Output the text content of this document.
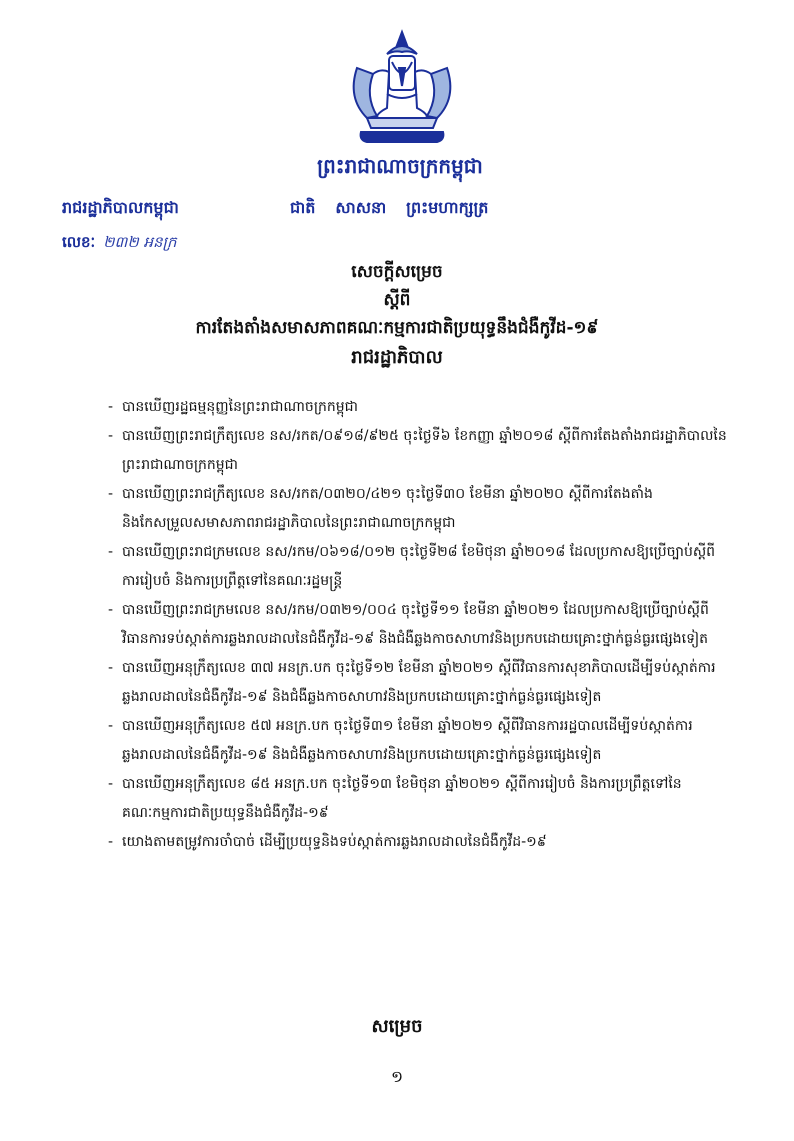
ព្រះរាជាណាចក្រកម្ពុជា
ជាតិ សាសនា ព្រះមហាក្សត្រ
រាជរដ្ឋាភិបាលកម្ពុជា
លេខៈ ២៣២ អនក្រ
សេចក្តីសម្រេច
ស្តីពី
ការតែងតាំងសមាសភាពគណៈកម្មការជាតិប្រយុទ្ធនឹងជំងឺកូវីដ-១៩
រាជរដ្ឋាភិបាល
- បានឃើញរដ្ឋធម្មនុញ្ញនៃព្រះរាជាណាចក្រកម្ពុជា
- បានឃើញព្រះរាជក្រឹត្យលេខ នស/រកត/០៩១៨/៩២៥ ចុះថ្ងៃទី៦ ខែកញ្ញា ឆ្នាំ២០១៨ ស្តីពីការតែងតាំងរាជរដ្ឋាភិបាលនៃព្រះរាជាណាចក្រកម្ពុជា
- បានឃើញព្រះរាជក្រឹត្យលេខ នស/រកត/០៣២០/៤២១ ចុះថ្ងៃទី៣០ ខែមីនា ឆ្នាំ២០២០ ស្តីពីការតែងតាំង និងកែសម្រួលសមាសភាពរាជរដ្ឋាភិបាលនៃព្រះរាជាណាចក្រកម្ពុជា
- បានឃើញព្រះរាជក្រមលេខ នស/រកម/០៦១៨/០១២ ចុះថ្ងៃទី២៨ ខែមិថុនា ឆ្នាំ២០១៨ ដែលប្រកាសឱ្យប្រើច្បាប់ស្តីពីការរៀបចំ និងការប្រព្រឹត្តទៅនៃគណៈរដ្ឋមន្ត្រី
- បានឃើញព្រះរាជក្រមលេខ នស/រកម/០៣២១/០០៤ ចុះថ្ងៃទី១១ ខែមីនា ឆ្នាំ២០២១ ដែលប្រកាសឱ្យប្រើច្បាប់ស្តីពីវិធានការទប់ស្កាត់ការឆ្លងរាលដាលនៃជំងឺកូវីដ-១៩ និងជំងឺឆ្លងកាចសាហាវនិងប្រកបដោយគ្រោះថ្នាក់ធ្ងន់ធ្ងរផ្សេងទៀត
- បានឃើញអនុក្រឹត្យលេខ ៣៧ អនក្រ.បក ចុះថ្ងៃទី១២ ខែមីនា ឆ្នាំ២០២១ ស្តីពីវិធានការសុខាភិបាលដើម្បីទប់ស្កាត់ការឆ្លងរាលដាលនៃជំងឺកូវីដ-១៩ និងជំងឺឆ្លងកាចសាហាវនិងប្រកបដោយគ្រោះថ្នាក់ធ្ងន់ធ្ងរផ្សេងទៀត
- បានឃើញអនុក្រឹត្យលេខ ៥៧ អនក្រ.បក ចុះថ្ងៃទី៣១ ខែមីនា ឆ្នាំ២០២១ ស្តីពីវិធានការរដ្ឋបាលដើម្បីទប់ស្កាត់ការឆ្លងរាលដាលនៃជំងឺកូវីដ-១៩ និងជំងឺឆ្លងកាចសាហាវនិងប្រកបដោយគ្រោះថ្នាក់ធ្ងន់ធ្ងរផ្សេងទៀត
- បានឃើញអនុក្រឹត្យលេខ ៨៥ អនក្រ.បក ចុះថ្ងៃទី១៣ ខែមិថុនា ឆ្នាំ២០២១ ស្តីពីការរៀបចំ និងការប្រព្រឹត្តទៅនៃគណៈកម្មការជាតិប្រយុទ្ធនឹងជំងឺកូវីដ-១៩
- យោងតាមតម្រូវការចាំបាច់ ដើម្បីប្រយុទ្ធនិងទប់ស្កាត់ការឆ្លងរាលដាលនៃជំងឺកូវីដ-១៩
សម្រេច
១
